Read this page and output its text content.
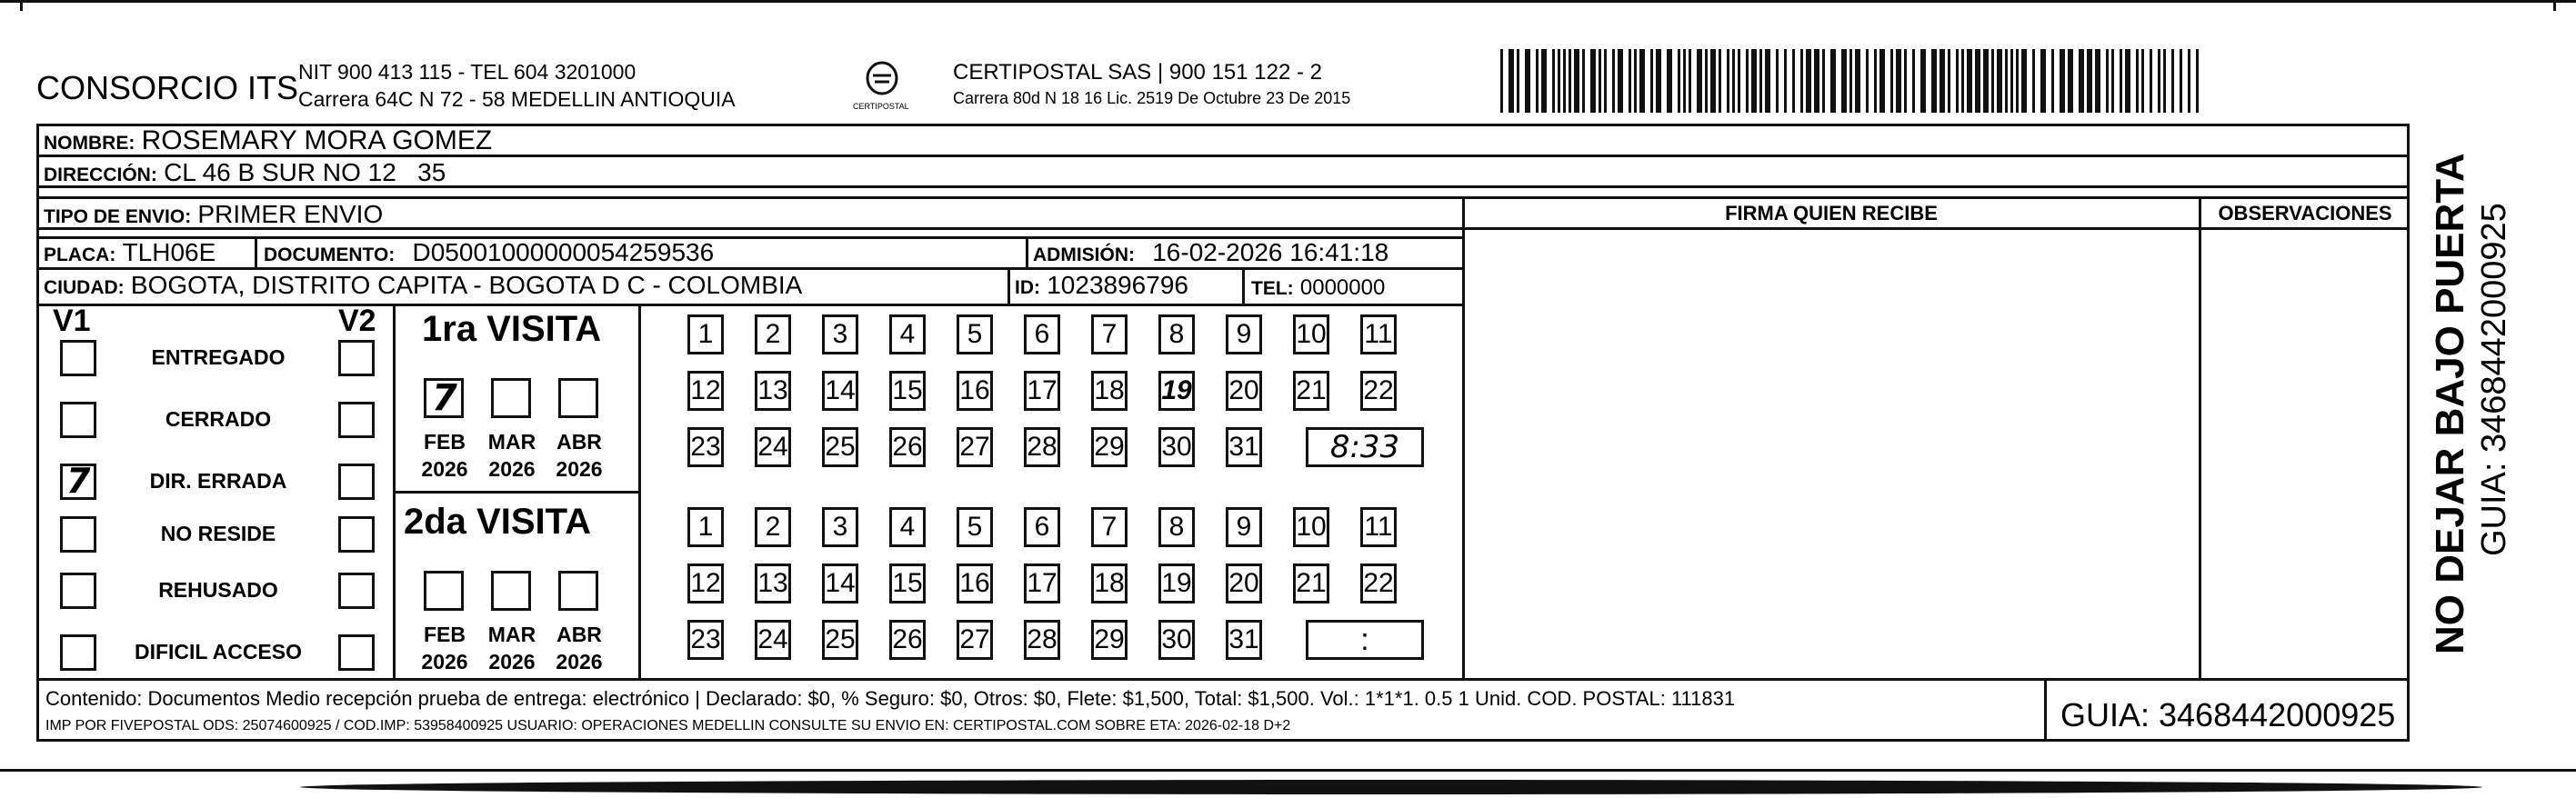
CONSORCIO ITS NIT 900 413 115 - TEL 604 3201000
Carrera 64C N 72 - 58 MEDELLIN ANTIOQUIA	CERTIPOSTAL
CERTIPOSTAL SAS | 900 151 122 - 2
Carrera 80d N 18 16 Lic. 2519 De Octubre 23 De 2015
FIRMA QUIEN RECIBE	OBSERVACIONES
NOMBRE: ROSEMARY MORA GOMEZ
DIRECCIÓN: CL 46 B SUR NO 12   35
TIPO DE ENVIO: PRIMER ENVIO
PLACA: TLH06E	DOCUMENTO: D05001000000054259536	ADMISIÓN: 16-02-2026 16:41:18
CIUDAD: BOGOTA, DISTRITO CAPITA - BOGOTA D C - COLOMBIA	ID: 1023896796	TEL: 0000000
V1	V2
ENTREGADO
CERRADO
7	DIR. ERRADA
NO RESIDE
REHUSADO
DIFICIL ACCESO
1ra VISITA
2da VISITA
7
FEB
2026
MAR
2026
ABR
2026
1	2	3	4	5	6	7	8	9	10 11
12 13 14 15 16 17 18 19 20 21 22
23 24 25 26 27 28 29 30 31	8:33
FEB
2026
MAR
2026
ABR
2026
1	2	3	4	5	6	7	8	9	10 11
12 13 14 15 16 17 18 19 20 21 22
23 24 25 26 27 28 29 30 31	:
Contenido: Documentos Medio recepción prueba de entrega: electrónico | Declarado: $0, % Seguro: $0, Otros: $0, Flete: $1,500, Total: $1,500. Vol.: 1*1*1. 0.5 1 Unid. COD. POSTAL: 111831
IMP POR FIVEPOSTAL ODS: 25074600925 / COD.IMP: 53958400925 USUARIO: OPERACIONES MEDELLIN CONSULTE SU ENVIO EN: CERTIPOSTAL.COM SOBRE ETA: 2026-02-18 D+2	GUIA: 3468442000925
NO DEJAR BAJO PUERTA GUIA: 3468442000925
